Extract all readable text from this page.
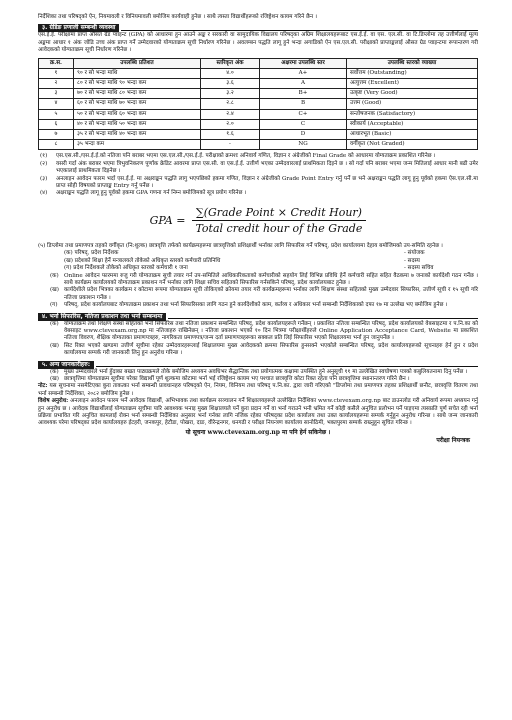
निर्देशिका तथा परिषद्को ऐन, नियमावली र विनियमावली बमोजिम कार्यवाही हुनेछ । साथै त्यस्ता विद्यार्थीहरूको रजिष्ट्रेशन कायम गरिने छैन ।
३. ग्रेडिङ प्रणाली सम्बन्धी व्यवस्था
एस.ई.ई. परीक्षामा प्राप्त औसत ग्रेड प्वाइन्ट (GPA) को आधारमा हुन आउने अङ्क र सरकारी वा सामुदायिक विद्यालय परिषद्का अग्रिम शिक्षालयहरूबाट एस.ई.ई. वा एस. एल.सी. वा टि.डिप्लोमा तह उत्तीर्णलाई मूल्य अङ्कमा आधार १ अंक जोडि उच्च अंक प्राप्त गर्ने उम्मेदवारको योग्यताक्रम सूची निर्धारण गरिनेछ । अवलम्बन पद्धति लागू हुने भन्दा अगाडिको ऐन एस.एल.सी. परीक्षाको प्राप्ताङ्कलाई औसत ग्रेड प्वाइन्टमा रूपान्तरण गरी आवेदकको योग्यताक्रम सूची निर्धारण गरिनेछ ।
क्र.स.	उपलब्धि प्रतिशत	स्तरिकृत अंक	अक्षरमा उपलब्धि स्तर	उपलब्धि स्तरको व्याख्या
१	९० र सो भन्दा माथि	४.०	A+	सर्वोत्तम (Outstanding)
२	८० र सो भन्दा माथि ९० भन्दा कम	३.६	A	अत्युत्तम (Excellent)
३	७० र सो भन्दा माथि ८० भन्दा कम	३.२	B+	उत्कृष्ट (Very Good)
४	६० र सो भन्दा माथि ७० भन्दा कम	२.८	B	उत्तम (Good)
५	५० र सो भन्दा माथि ६० भन्दा कम	२.४	C+	सन्तोषजनक (Satisfactory)
६	४० र सो भन्दा माथि ५० भन्दा कम	२.०	C	स्वीकार्य (Acceptable)
७	३५ र सो भन्दा माथि ४० भन्दा कम	१.६	D	आधारभूत (Basic)
८	३५ भन्दा कम	-	NG	वर्गीकृत (Not Graded)
(१)	एस.एस.सी./एस.ई.ई.को नतिजा पनि बराबर भएमा एस.एल.सी./एस.ई.ई. परीक्षाको क्रमशः अनिवार्य गणित, विज्ञान र अंग्रेजीको Final Grade को आधारमा योग्यताक्रम प्रकाशित गरिनेछ ।
(२)	यसरी गर्दा अंक बराबर भएमा त्रिभुवनिकरण पूर्णांक क्रेडिट आवरमा प्राप्त एस.सी. वा एस.ई.ई. उत्तीर्ण भएका उम्मेदवारलाई प्राथमिकता दिइने छ । सो गर्दा पनि बराबर भएमा जन्म मितिलाई आधार मानी बढी उमेर भएकालाई प्राथमिकता दिइनेछ ।
(३)	अनलाइन आवेदन फारम भर्दा एस.ई.ई. मा अक्षराङ्कन पद्धति लागु भएपछिको हकमा गणित, विज्ञान र अंग्रेजीको Grade Point Entry गर्नु पर्ने छ भने अक्षराङ्कन पद्धति लागू हुनु पूर्वको हकमा ऐस.एल.सी.मा प्राप्त सोही विषयको प्राप्ताङ्क Entry गर्नु पर्नेछ ।
(४)	अक्षराङ्कन पद्धति लागू हुनु पूर्वको हकमा GPA गणना गर्न निम्न बमोजिमको सूत्र प्रयोग गरिनेछ ।
GPA = $\frac{\text{∑(Grade Point × Credit Hour)}}{\text{Total credit hour of the Grade}}$
(५) डिप्लोमा तथा प्रमाणपत्र तहको वर्गीकृत (नि:शुल्क) छात्रवृत्ति तर्फको कार्यक्रमहरूमा छात्रवृत्तिको प्रशिक्षार्थी भर्नाका लागि सिफारिस गर्ने परिषद्, प्रदेश कार्यालयमा देहाय बमोजिमको उप-समिति रहनेछ ।
(क) परिषद्, प्रदेश निर्देशक	- संयोजक
(ख) प्रदेशको शिक्षा हेर्ने मन्त्रालयले तोकेको अधिकृत स्तरको कर्मचारी प्रतिनिधि	- सदस्य
(ग) प्रदेश निर्देशकले तोकेको अधिकृत स्तरको कर्मचारी १ जना	- सदस्य सचिव
(क) Online आवेदन फारममा रुजु गरी योग्यताक्रम सूची तयार गर्न उप-समितिले आधिकारिकताको कर्मचारीको सहयोग लिई विभिन्न प्रविधि हेर्ने कर्मचारी सहित सहित वैठकमा ७ जनाको कार्यदेशी गठन गर्नेछ । साथै कार्यक्रम कार्यालयको योग्यताक्रम प्रकाशन गर्ने भर्नाका लागि शिक्षा सचिव सहितको सिफारिस गर्नसकिने परिषद्, प्रदेश कार्यालयबाट हुनेछ ।
(ख) कार्यदेशीले प्रदेश भित्रका कार्यक्रम र कोटामा रूपमा योग्यताक्रम सूची तोकिएको क्रोयमा तयार गरी कार्यक्रमहरूमा भर्नाका लागि शिक्षण संस्था सहितको मुख्य उम्मेदवार सिफारिस, उत्तीर्ण सूची र १५ सूची गरि नतिजा प्रकाशन गर्नेछ ।
(ग)	परिषद्, प्रदेश कार्यालयबाट योग्यताक्रम प्रकाशन तथा भर्ना सिफारिसका लागि गठन हुने कार्यदेशीको काम, कर्तव्य र अधिकार भर्ना सम्बन्धी निर्देशिकाको दफा १७ मा उल्लेख भए बमोजिम हुनेछ ।
४. भर्ना सिफारिस, नतिजा प्रकाशन तथा भर्ना सम्बन्धमा
(क) योग्यताक्रम तथा शिक्षण संस्था सहितको भर्ना सिफारिस तथा नतिजा प्रकाशन सम्बन्धित परिषद्, प्रदेश कार्यालयहरूले गर्नेछन् । प्रकाशित नतिजा सम्बन्धित परिषद्, प्रदेश कार्यालयको वेबसाइटमा र प.नि.का को वेबसाइट www.ctevexam.org.np मा नतिजाहरु राखिनेछन् । नतिजा प्रकाशन भएको १० दिन भित्रमा परीक्षार्थीहरुले Online Application Acceptance Card, Website मा प्रकाशित नतिजा विवरण, शैक्षिक योग्यताका प्रमाणपत्रहरु, नागरिकता प्रमाणपत्र/जन्म दर्ता प्रमाणपत्रहरूका सक्कल प्रति लिई सिफारिस भएको शिक्षालयमा भर्ना हुन जानुपर्नेछ ।
(ख) सिट रिक्त भएको खण्डमा उत्तीर्ण सूचीमा रहेका उम्मेदवारहरूलाई शिक्षालयमा मुख्य आवेदकको क्रममा सिफारिस हुनसक्ने भएकोले सम्बन्धित परिषद्, प्रदेश कार्यालयहरूको सूचनाहरु हेर्न हुन र प्रदेश कार्यालयमा सम्पर्क गरी जानकारी लिनु हुन अनुरोध गरिन्छ ।
५. अन्य जानकारीहरु:
(क) मुख्य उम्मेदवारले भर्ना हुँदाका बखत पाठ्यक्रमले तोके बमोजिम अध्ययन अवधिभर सैद्धान्तिक तथा प्रयोगात्मक कक्षामा उपस्थित हुने अनुसूची ११ मा उल्लेखित स्वघोषणा पत्रको कबुलियतनामा दिनु पर्नेछ ।
(ख) छात्रवृत्तिमा योग्यताक्रम सूचीमा परेका विद्यार्थी पूर्ण शुल्कमा कोटामा भर्ना भई रजिष्ट्रेशन कायम भए पश्चात छात्रवृत्ति कोटा रिक्त रहेता पनि छात्रवृत्तिमा स्थानान्तरण गरिने छैन ।
नोट: यस सूचनामा नसमेटिएका कुरा ताकत्का भर्ना सम्बन्धी प्रावधानहरु परिषद्को ऐन, नियम, विनियम तथा परिषद् प.नि.का. द्वारा जारी गरिएको "डिप्लोमा तथा प्रमाणपत्र तहका प्रशिक्षार्थी छनौट, छात्रवृत्ति वितरण तथा भर्ना सम्बन्धी निर्देशिका, २०८२ बमोजिम हुनेछ ।
विशेष अनुरोध: अनलाइन आवेदन फारम भर्ने आवेदक विद्यार्थी, अभिभावक तथा कार्यक्रम सञ्चालन गर्ने शिक्षालयहरूले उल्लेखित निर्देशिका www.ctevexam.org.np बाट डाउनलोड गरी अनिवार्य रूपमा अध्ययन गर्नु हुन अनुरोध छ । आवेदक विद्यार्थीलाई योग्यताक्रम सूचीमा पारि आवश्यक भनाइ मुख्य शिक्षालयले पर्ने कुरा प्रदान गर्ने वा भर्ना गराउने भनी भ्रमित गर्ने कोही कसैले अनुचित प्रलोभन पर्ने पाइएमा त्यसप्रति पूर्ण सचेत रही भर्ना प्रक्रिया प्रभावित गरि अनुचित कामलाई रोक्न भर्ना सम्बन्धी निर्देशिका अनुसार भर्ना गर्नका लागि नजिक रहेका परिषद्का प्रदेश कार्यालय तथा उक्त कार्यालयहरूमा सम्पर्क गर्नुहुन अनुरोध गरिन्छ । साथै जन्म जानकारी आवश्यक परेमा परिषद्का प्रदेश कार्यालयहरु ईटहरी, जनकपुर, हेटौडा, पोखरा, दाङ, वीरेन्द्रनगर, धनगढी र परीक्षा नियन्त्रण कार्यालय सानोठिमी, भक्तपुरमा सम्पर्क राख्नुहुन सूचित गरिन्छ ।
यो सूचना www.ctevexam.org.np मा पनि हेर्न सकिनेछ ।
परीक्षा नियन्त्रक
